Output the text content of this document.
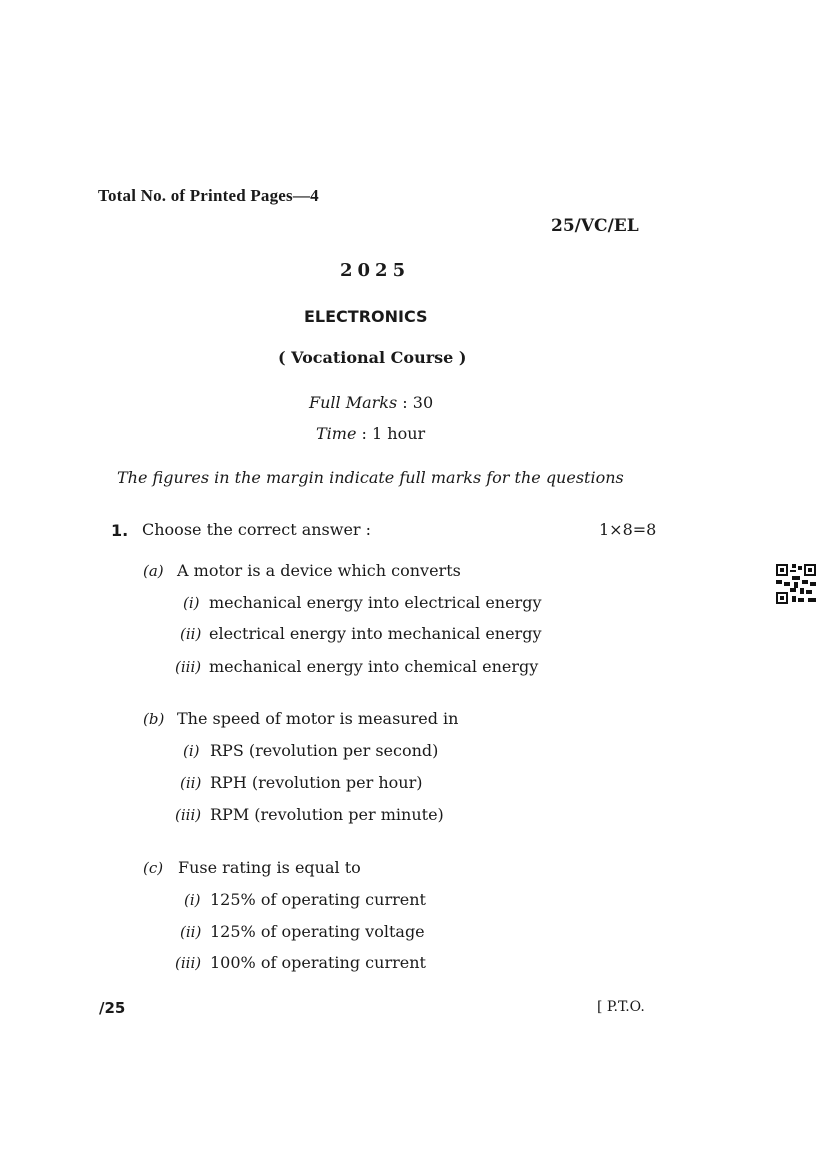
Total No. of Printed Pages—4
25/VC/EL
2025
ELECTRONICS
( Vocational Course )
Full Marks : 30
Time : 1 hour
The figures in the margin indicate full marks for the questions
1. Choose the correct answer :	1×8=8
(a) A motor is a device which converts
(i) mechanical energy into electrical energy
(ii) electrical energy into mechanical energy
(iii) mechanical energy into chemical energy
(b) The speed of motor is measured in
(i) RPS (revolution per second)
(ii) RPH (revolution per hour)
(iii) RPM (revolution per minute)
(c) Fuse rating is equal to
(i) 125% of operating current
(ii) 125% of operating voltage
(iii) 100% of operating current
/25	[ P.T.O.
